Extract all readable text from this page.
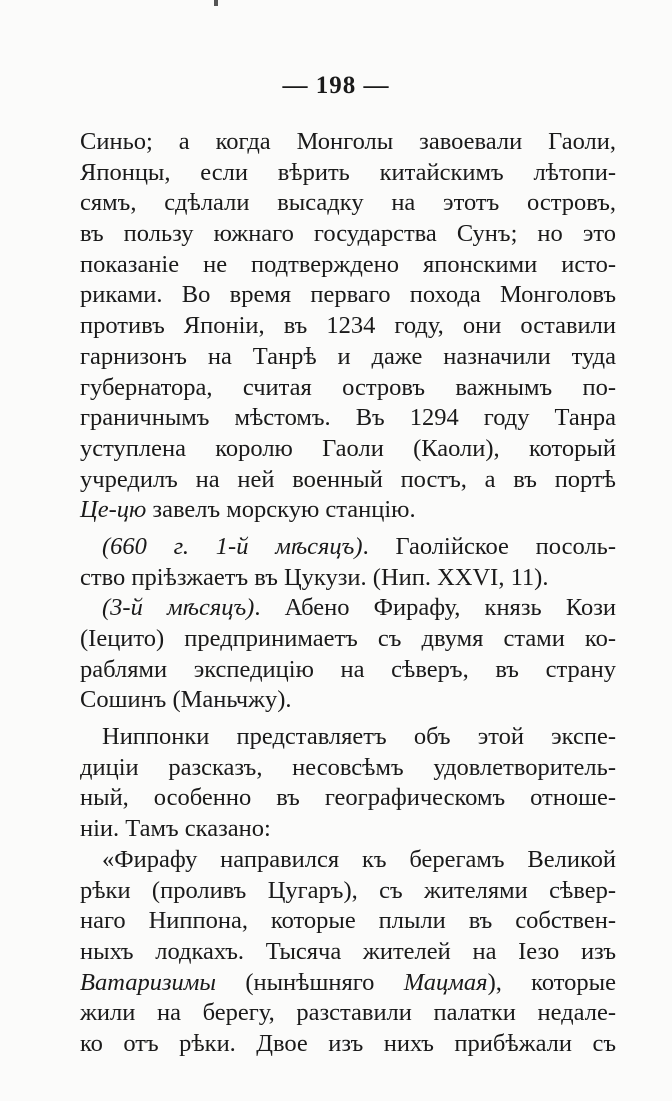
— 198 —
Синьо; а когда Монголы завоевали Гаоли,
Японцы, если вѣрить китайскимъ лѣтопи-
сямъ, сдѣлали высадку на этотъ островъ,
въ пользу южнаго государства Сунъ; но это
показаніе не подтверждено японскими исто-
риками. Во время перваго похода Монголовъ
противъ Японіи, въ 1234 году, они оставили
гарнизонъ на Танрѣ и даже назначили туда
губернатора, считая островъ важнымъ по-
граничнымъ мѣстомъ. Въ 1294 году Танра
уступлена королю Гаоли (Каоли), который
учредилъ на ней военный постъ, а въ портѣ
Це-цю завелъ морскую станцію.
(660 г. 1-й мѣсяцъ). Гаолійское посоль-
ство пріѣзжаетъ въ Цукузи. (Нип. XXVI, 11).
(3-й мѣсяцъ). Абено Фирафу, князь Кози
(Іецито) предпринимаетъ съ двумя стами ко-
раблями экспедицію на сѣверъ, въ страну
Сошинъ (Маньчжу).
Ниппонки представляетъ объ этой экспе-
диціи разсказъ, несовсѣмъ удовлетворитель-
ный, особенно въ географическомъ отноше-
ніи. Тамъ сказано:
«Фирафу направился къ берегамъ Великой
рѣки (проливъ Цугаръ), съ жителями сѣвер-
наго Ниппона, которые плыли въ собствен-
ныхъ лодкахъ. Тысяча жителей на Іезо изъ
Ватаризимы (нынѣшняго Мацмая), которые
жили на берегу, разставили палатки недале-
ко отъ рѣки. Двое изъ нихъ прибѣжали съ
